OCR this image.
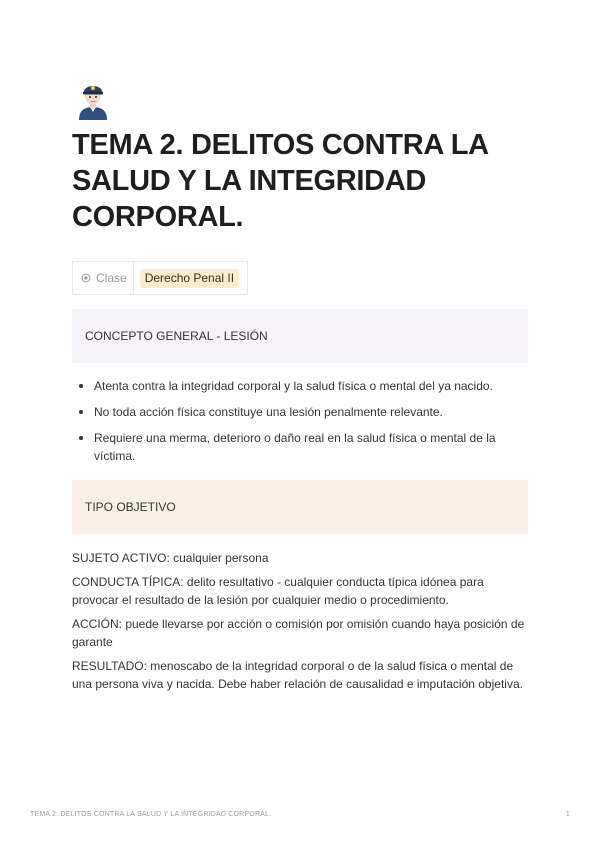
TEMA 2. DELITOS CONTRA LA SALUD Y LA INTEGRIDAD CORPORAL.
Clase	Derecho Penal II
CONCEPTO GENERAL - LESIÓN
Atenta contra la integridad corporal y la salud física o mental del ya nacido.
No toda acción física constituye una lesión penalmente relevante.
Requiere una merma, deterioro o daño real en la salud física o mental de la víctima.
TIPO OBJETIVO

SUJETO ACTIVO: cualquier persona

CONDUCTA TÍPICA: delito resultativo - cualquier conducta típica idónea para provocar el resultado de la lesión por cualquier medio o procedimiento.

ACCIÓN: puede llevarse por acción o comisión por omisión cuando haya posición de garante

RESULTADO: menoscabo de la integridad corporal o de la salud física o mental de una persona viva y nacida. Debe haber relación de causalidad e imputación objetiva.

TEMA 2. DELITOS CONTRA LA SALUD Y LA INTEGRIDAD CORPORAL.	1
